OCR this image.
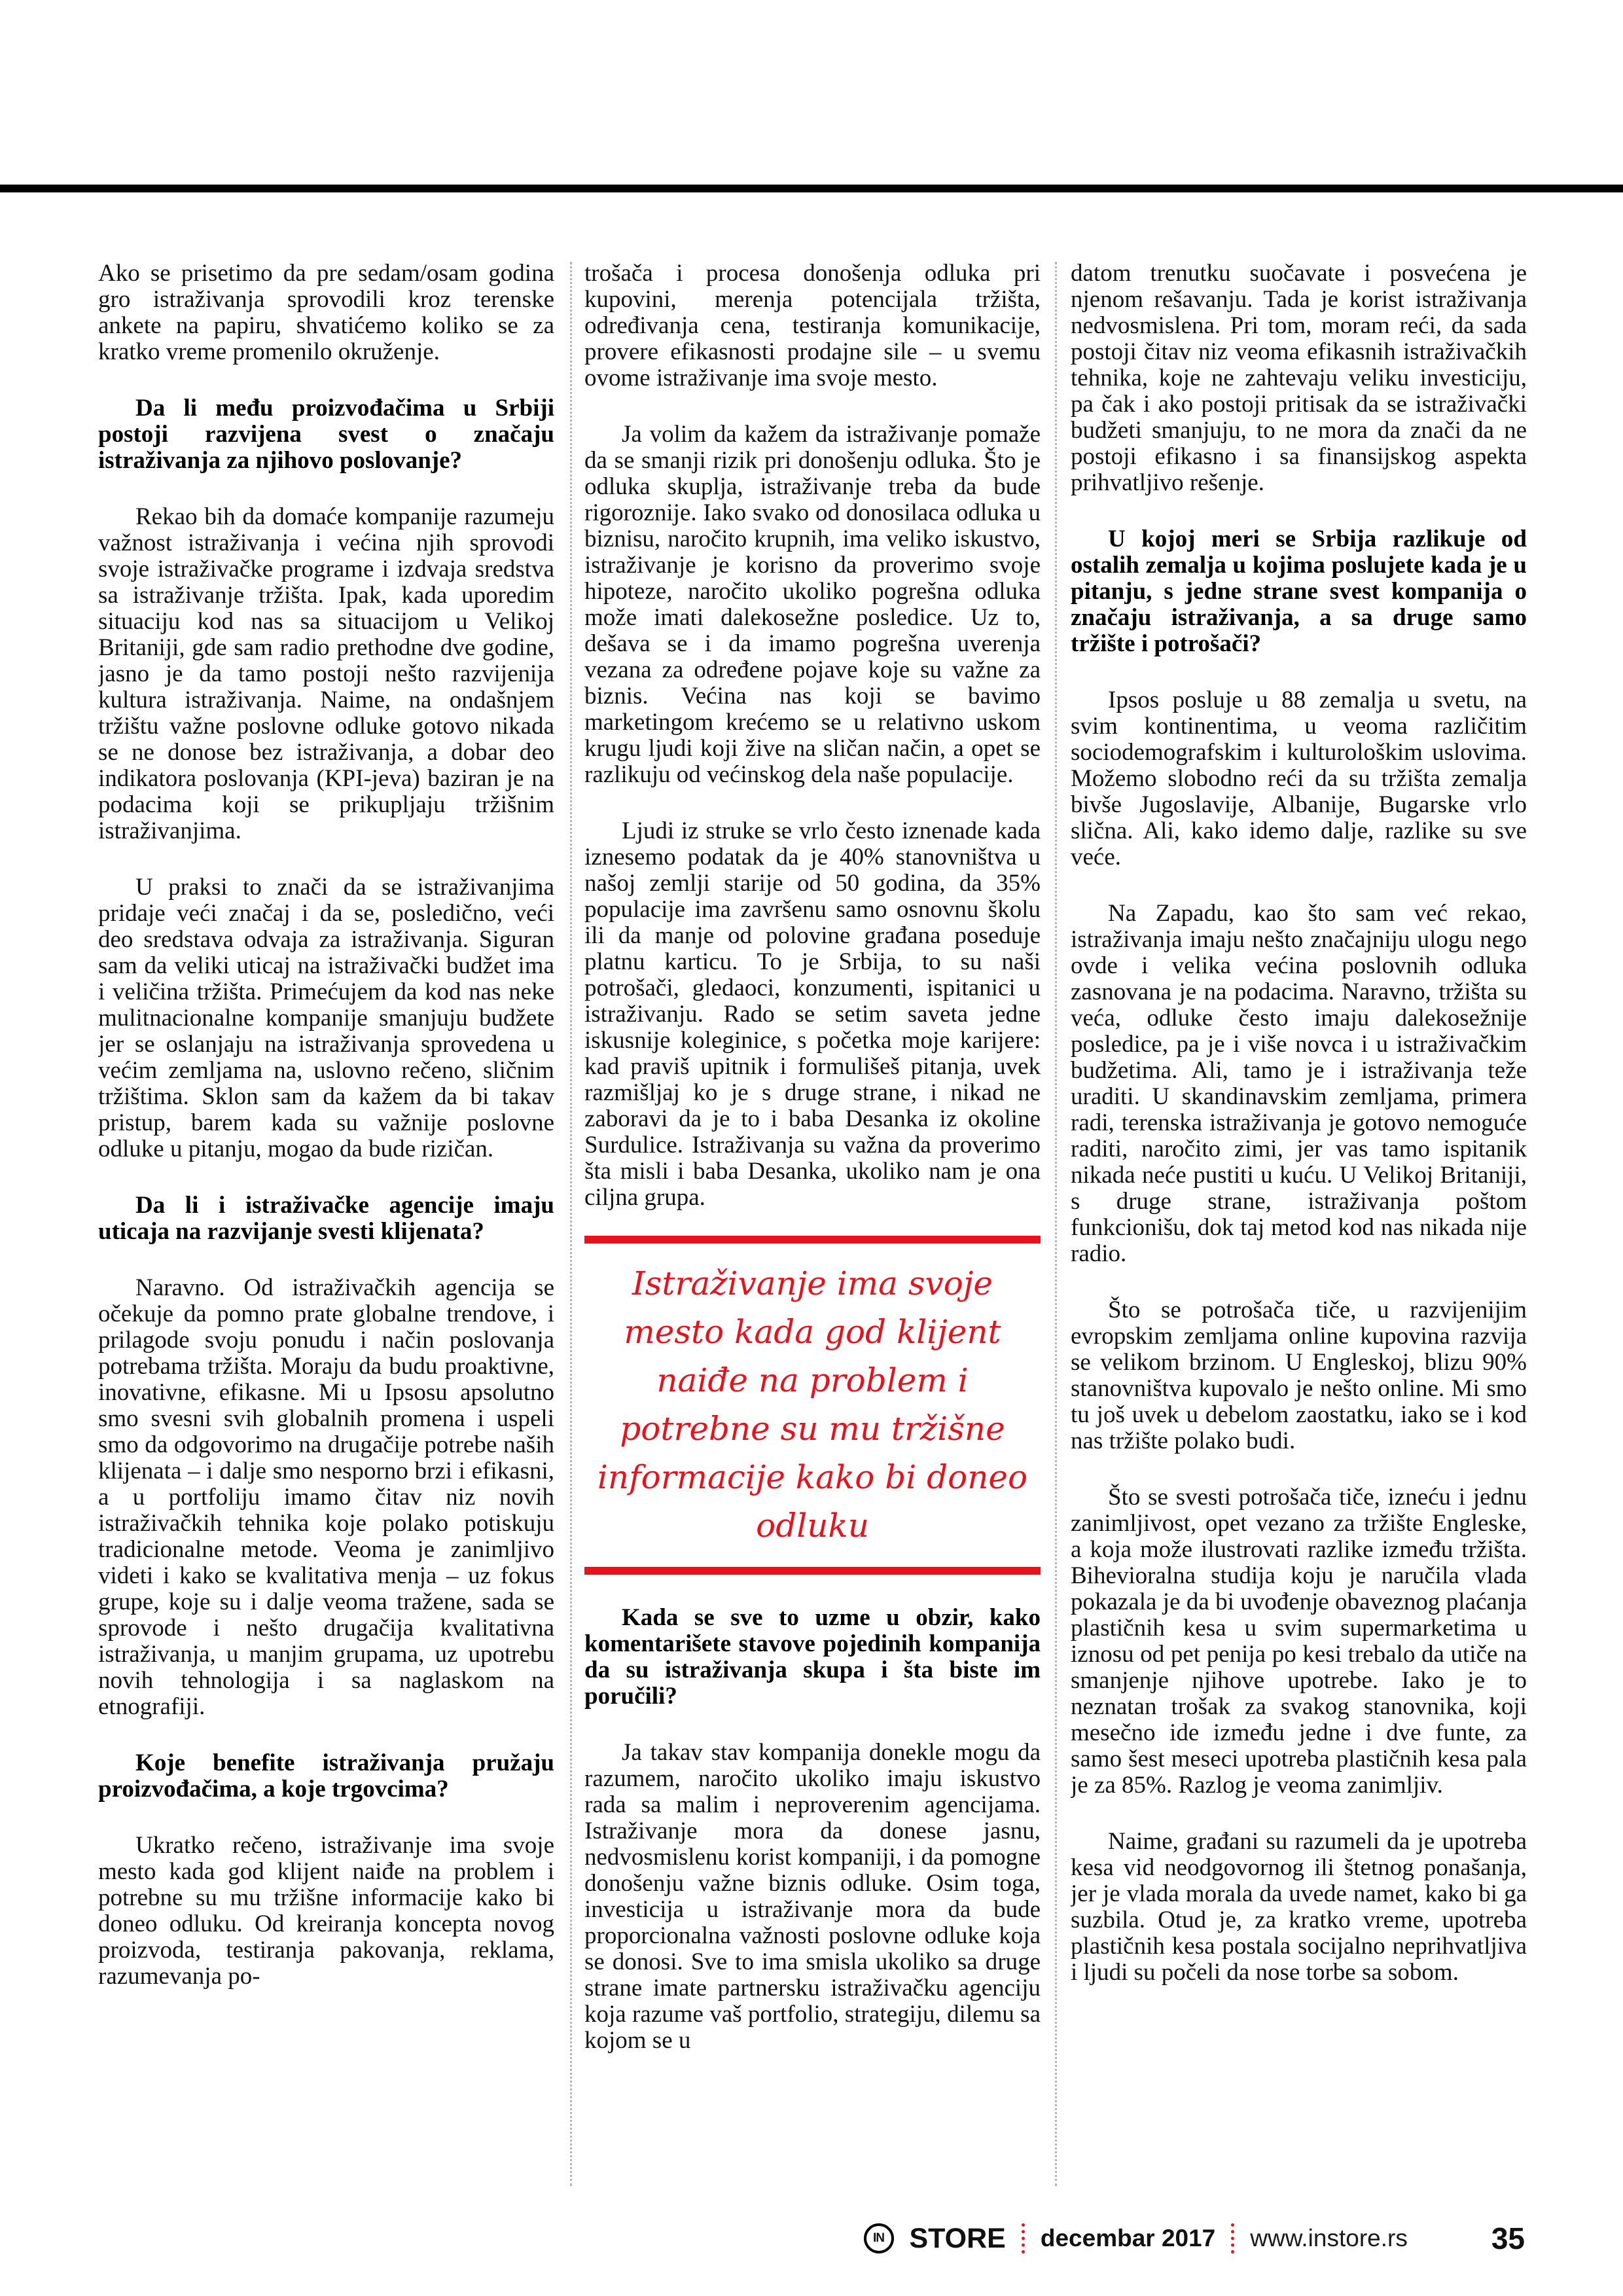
Ako se prisetimo da pre sedam/osam godina gro istraživanja sprovodili kroz terenske ankete na papiru, shvatićemo koliko se za kratko vreme promenilo okruženje.

Da li među proizvođačima u Srbiji postoji razvijena svest o značaju istraživanja za njihovo poslovanje?

Rekao bih da domaće kompanije razumeju važnost istraživanja i većina njih sprovodi svoje istraživačke programe i izdvaja sredstva sa istraživanje tržišta. Ipak, kada uporedim situaciju kod nas sa situacijom u Velikoj Britaniji, gde sam radio prethodne dve godine, jasno je da tamo postoji nešto razvijenija kultura istraživanja. Naime, na ondašnjem tržištu važne poslovne odluke gotovo nikada se ne donose bez istraživanja, a dobar deo indikatora poslovanja (KPI-jeva) baziran je na podacima koji se prikupljaju tržišnim istraživanjima.

U praksi to znači da se istraživanjima pridaje veći značaj i da se, posledično, veći deo sredstava odvaja za istraživanja. Siguran sam da veliki uticaj na istraživački budžet ima i veličina tržišta. Primećujem da kod nas neke mulitnacionalne kompanije smanjuju budžete jer se oslanjaju na istraživanja sprovedena u većim zemljama na, uslovno rečeno, sličnim tržištima. Sklon sam da kažem da bi takav pristup, barem kada su važnije poslovne odluke u pitanju, mogao da bude rizičan.

Da li i istraživačke agencije imaju uticaja na razvijanje svesti klijenata?

Naravno. Od istraživačkih agencija se očekuje da pomno prate globalne trendove, i prilagode svoju ponudu i način poslovanja potrebama tržišta. Moraju da budu proaktivne, inovativne, efikasne. Mi u Ipsosu apsolutno smo svesni svih globalnih promena i uspeli smo da odgovorimo na drugačije potrebe naših klijenata – i dalje smo nesporno brzi i efikasni, a u portfoliju imamo čitav niz novih istraživačkih tehnika koje polako potiskuju tradicionalne metode. Veoma je zanimljivo videti i kako se kvalitativa menja – uz fokus grupe, koje su i dalje veoma tražene, sada se sprovode i nešto drugačija kvalitativna istraživanja, u manjim grupama, uz upotrebu novih tehnologija i sa naglaskom na etnografiji.

Koje benefite istraživanja pružaju proizvođačima, a koje trgovcima?

Ukratko rečeno, istraživanje ima svoje mesto kada god klijent naiđe na problem i potrebne su mu tržišne informacije kako bi doneo odluku. Od kreiranja koncepta novog proizvoda, testiranja pakovanja, reklama, razumevanja po-

trošača i procesa donošenja odluka pri kupovini, merenja potencijala tržišta, određivanja cena, testiranja komunikacije, provere efikasnosti prodajne sile – u svemu ovome istraživanje ima svoje mesto.

Ja volim da kažem da istraživanje pomaže da se smanji rizik pri donošenju odluka. Što je odluka skuplja, istraživanje treba da bude rigoroznije. Iako svako od donosilaca odluka u biznisu, naročito krupnih, ima veliko iskustvo, istraživanje je korisno da proverimo svoje hipoteze, naročito ukoliko pogrešna odluka može imati dalekosežne posledice. Uz to, dešava se i da imamo pogrešna uverenja vezana za određene pojave koje su važne za biznis. Većina nas koji se bavimo marketingom krećemo se u relativno uskom krugu ljudi koji žive na sličan način, a opet se razlikuju od većinskog dela naše populacije.

Ljudi iz struke se vrlo često iznenade kada iznesemo podatak da je 40% stanovništva u našoj zemlji starije od 50 godina, da 35% populacije ima završenu samo osnovnu školu ili da manje od polovine građana poseduje platnu karticu. To je Srbija, to su naši potrošači, gledaoci, konzumenti, ispitanici u istraživanju. Rado se setim saveta jedne iskusnije koleginice, s početka moje karijere: kad praviš upitnik i formulišeš pitanja, uvek razmišljaj ko je s druge strane, i nikad ne zaboravi da je to i baba Desanka iz okoline Surdulice. Istraživanja su važna da proverimo šta misli i baba Desanka, ukoliko nam je ona ciljna grupa.

Istraživanje ima svoje mesto kada god klijent naiđe na problem i potrebne su mu tržišne informacije kako bi doneo odluku

Kada se sve to uzme u obzir, kako komentarišete stavove pojedinih kompanija da su istraživanja skupa i šta biste im poručili?

Ja takav stav kompanija donekle mogu da razumem, naročito ukoliko imaju iskustvo rada sa malim i neproverenim agencijama. Istraživanje mora da donese jasnu, nedvosmislenu korist kompaniji, i da pomogne donošenju važne biznis odluke. Osim toga, investicija u istraživanje mora da bude proporcionalna važnosti poslovne odluke koja se donosi. Sve to ima smisla ukoliko sa druge strane imate partnersku istraživačku agenciju koja razume vaš portfolio, strategiju, dilemu sa kojom se u

datom trenutku suočavate i posvećena je njenom rešavanju. Tada je korist istraživanja nedvosmislena. Pri tom, moram reći, da sada postoji čitav niz veoma efikasnih istraživačkih tehnika, koje ne zahtevaju veliku investiciju, pa čak i ako postoji pritisak da se istraživački budžeti smanjuju, to ne mora da znači da ne postoji efikasno i sa finansijskog aspekta prihvatljivo rešenje.

U kojoj meri se Srbija razlikuje od ostalih zemalja u kojima poslujete kada je u pitanju, s jedne strane svest kompanija o značaju istraživanja, a sa druge samo tržište i potrošači?

Ipsos posluje u 88 zemalja u svetu, na svim kontinentima, u veoma različitim sociodemografskim i kulturološkim uslovima. Možemo slobodno reći da su tržišta zemalja bivše Jugoslavije, Albanije, Bugarske vrlo slična. Ali, kako idemo dalje, razlike su sve veće.

Na Zapadu, kao što sam već rekao, istraživanja imaju nešto značajniju ulogu nego ovde i velika većina poslovnih odluka zasnovana je na podacima. Naravno, tržišta su veća, odluke često imaju dalekosežnije posledice, pa je i više novca i u istraživačkim budžetima. Ali, tamo je i istraživanja teže uraditi. U skandinavskim zemljama, primera radi, terenska istraživanja je gotovo nemoguće raditi, naročito zimi, jer vas tamo ispitanik nikada neće pustiti u kuću. U Velikoj Britaniji, s druge strane, istraživanja poštom funkcionišu, dok taj metod kod nas nikada nije radio.

Što se potrošača tiče, u razvijenijim evropskim zemljama online kupovina razvija se velikom brzinom. U Engleskoj, blizu 90% stanovništva kupovalo je nešto online. Mi smo tu još uvek u debelom zaostatku, iako se i kod nas tržište polako budi.

Što se svesti potrošača tiče, izneću i jednu zanimljivost, opet vezano za tržište Engleske, a koja može ilustrovati razlike između tržišta. Bihevioralna studija koju je naručila vlada pokazala je da bi uvođenje obaveznog plaćanja plastičnih kesa u svim supermarketima u iznosu od pet penija po kesi trebalo da utiče na smanjenje njihove upotrebe. Iako je to neznatan trošak za svakog stanovnika, koji mesečno ide između jedne i dve funte, za samo šest meseci upotreba plastičnih kesa pala je za 85%. Razlog je veoma zanimljiv.

Naime, građani su razumeli da je upotreba kesa vid neodgovornog ili štetnog ponašanja, jer je vlada morala da uvede namet, kako bi ga suzbila. Otud je, za kratko vreme, upotreba plastičnih kesa postala socijalno neprihvatljiva i ljudi su počeli da nose torbe sa sobom.

IN STORE decembar 2017 www.instore.rs	35
